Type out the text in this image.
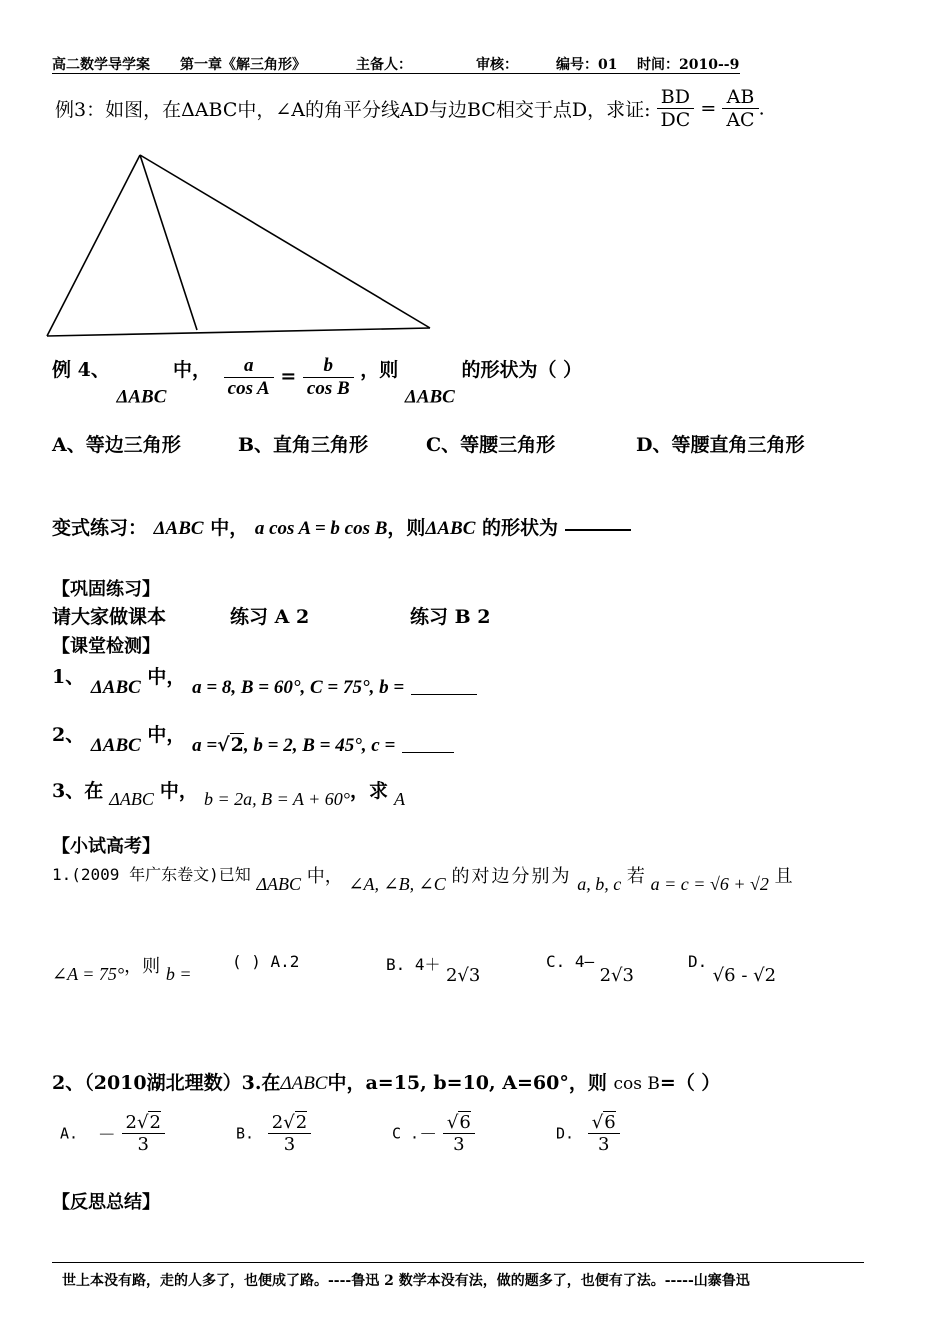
高二数学导学案 第一章《解三角形》	主备人：	审核：	编号：01 时间：2010--9
例3：如图，在ΔABC中，∠A的角平分线AD与边BC相交于点D，求证: $\frac{BD}{DC} = \frac{AB}{AC}$ .
例 4、 ΔABC 中， $\frac{a}{\text{cos A}} = \frac{b}{\text{cos B}}$ ，则 ΔABC 的形状为（ ）
A、等边三角形	B、直角三角形	C、等腰三角形	D、等腰直角三角形
变式练习： ΔABC 中， a cos A = b cos B，则ΔABC 的形状为
【巩固练习】
请大家做课本	练习 A 2	练习 B 2
【课堂检测】
1、 ΔABC 中， a = 8, B = 60°, C = 75°, b =
2、 ΔABC 中， a =√2, b = 2, B = 45°, c =
3、在 ΔABC 中， b = 2a, B = A + 60°，求 A
【小试高考】
1.(2009 年广东卷文)已知 ΔABC 中， ∠A, ∠B, ∠C 的对边分别为 a, b, c 若 a = c = √6 + √2 且
∠A = 75°，则 b =
( ) A.2	B. 4＋ 2√3
C. 4— 2√3
D. √6 - √2
2、（2010湖北理数）3.在ΔABC中，a=15, b=10, A=60°，则 cos B=（ ）
A. － $\frac{2√2}{3}$	B. $\frac{2√2}{3}$	C .－ $\frac{√6}{3}$	D. $\frac{√6}{3}$
【反思总结】
世上本没有路，走的人多了，也便成了路。----鲁迅 2 数学本没有法，做的题多了，也便有了法。-----山寨鲁迅
